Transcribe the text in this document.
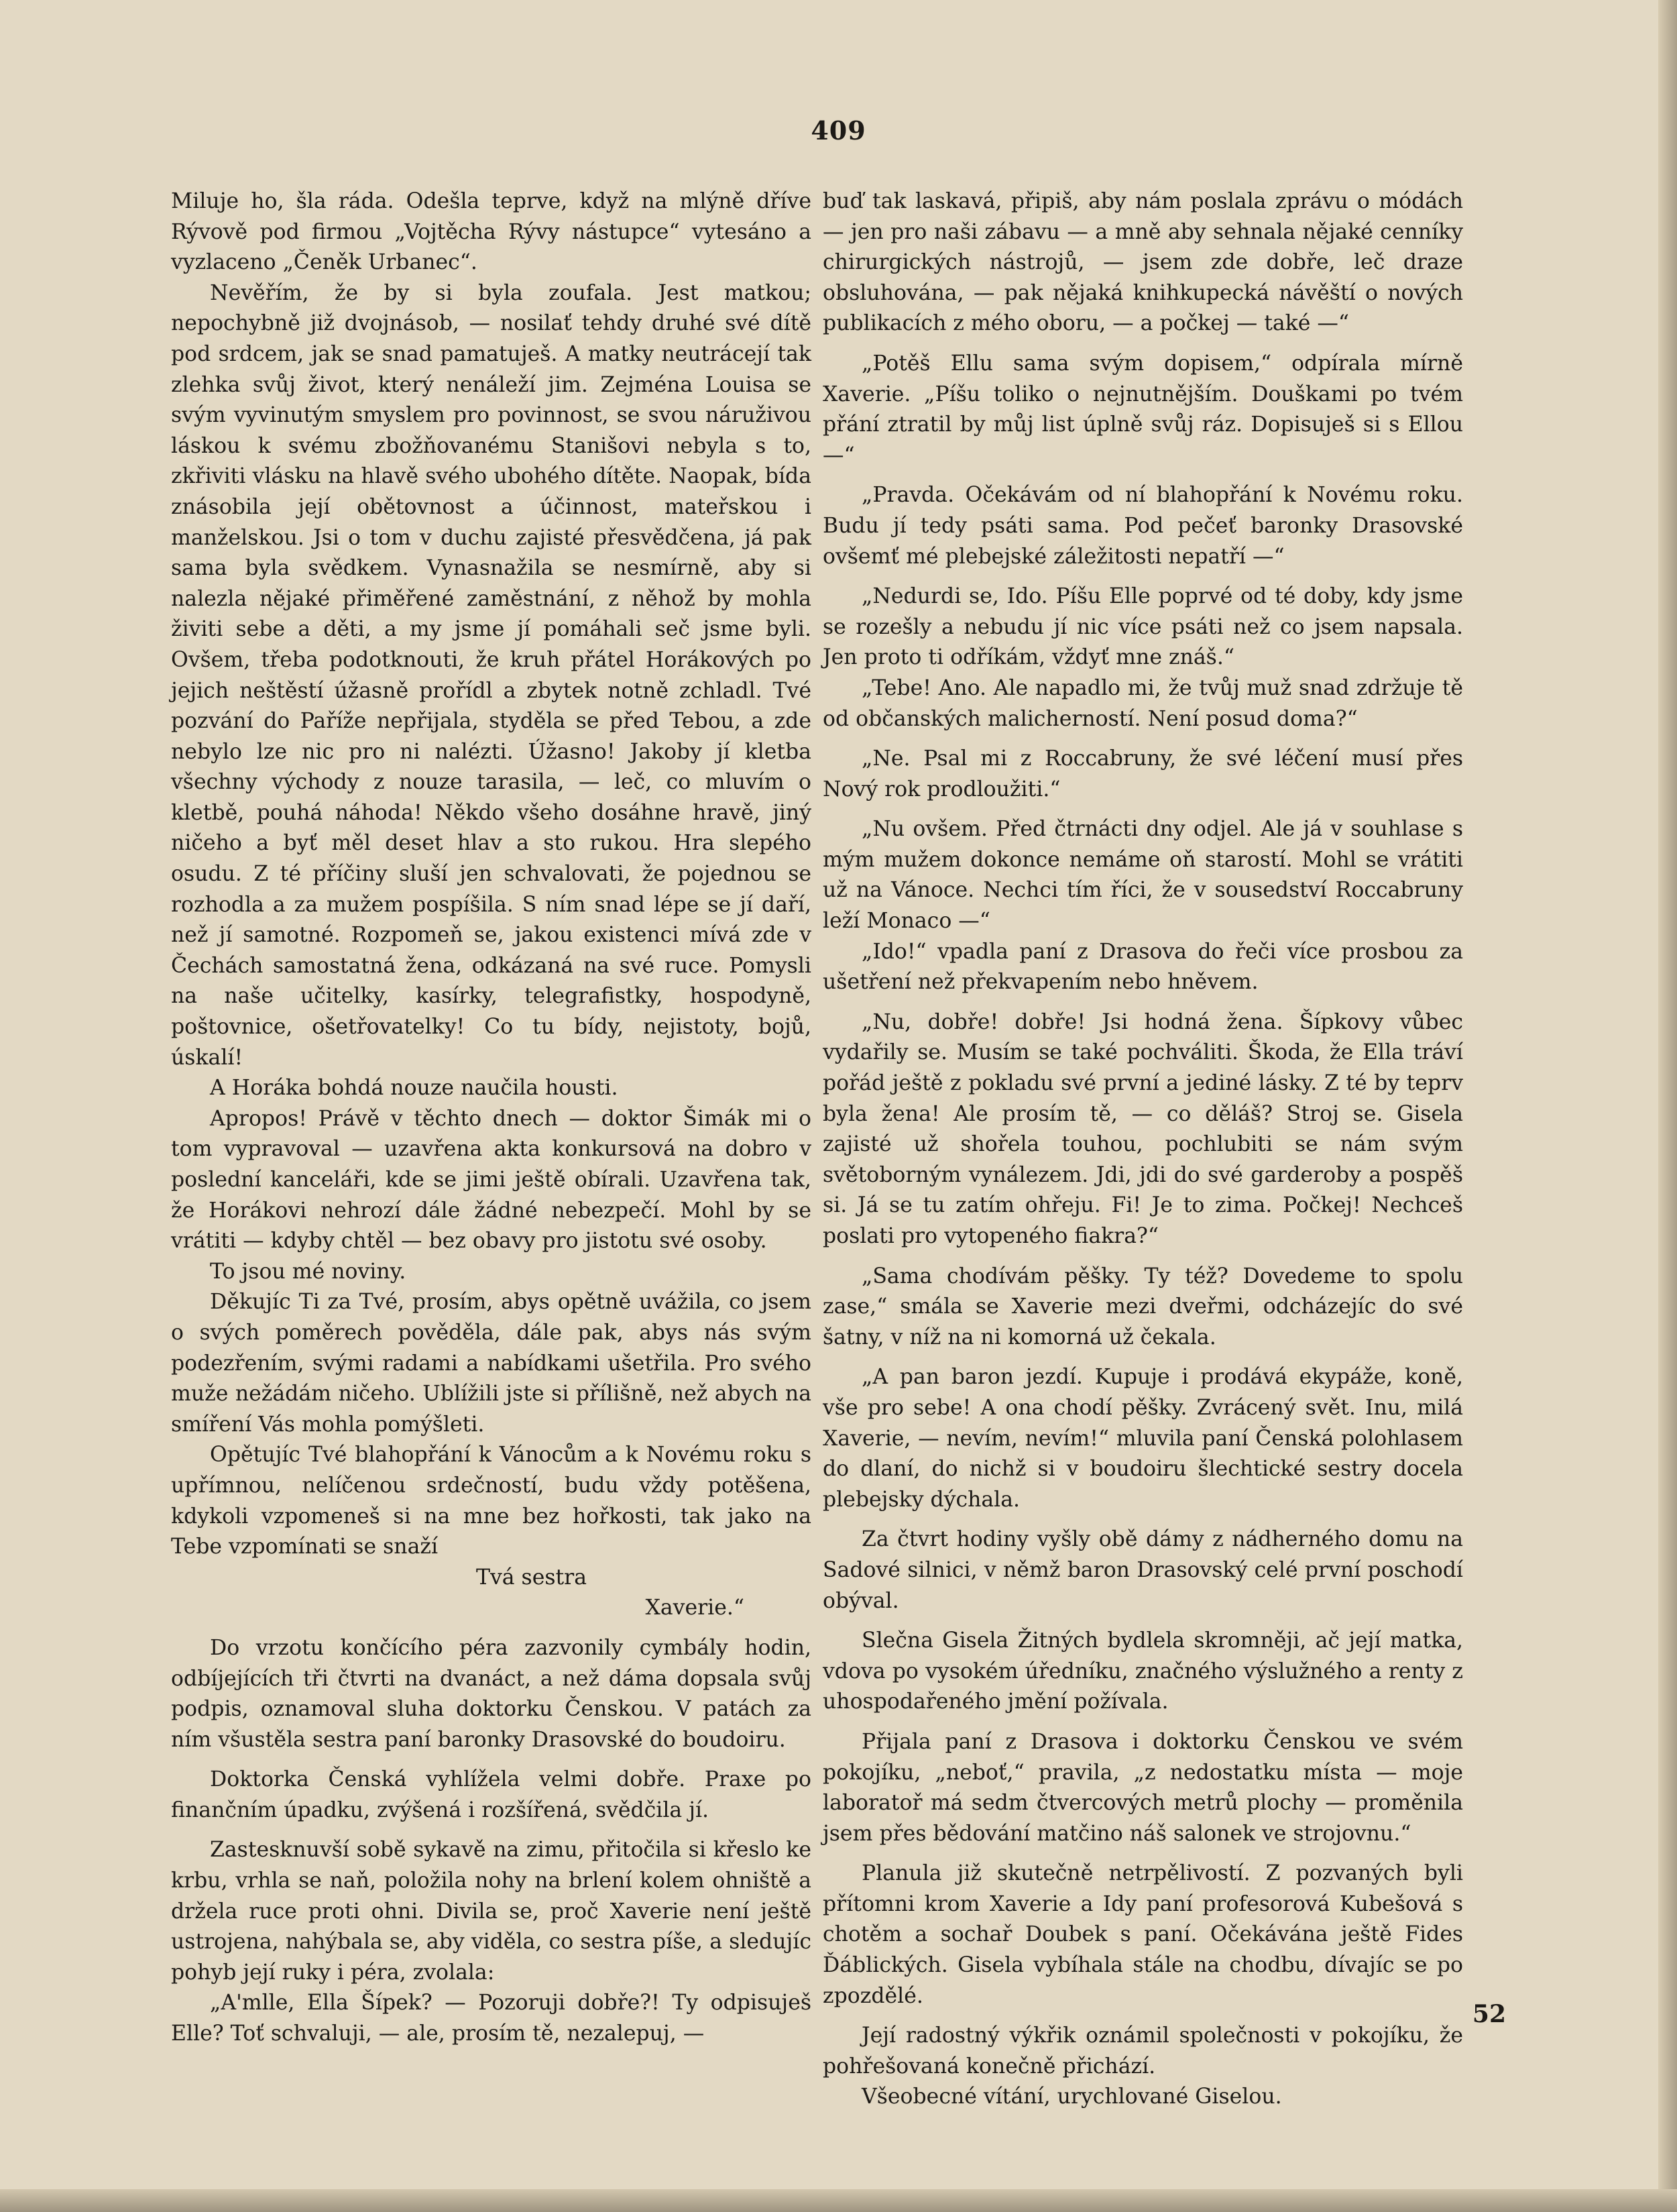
409

Miluje ho, šla ráda. Odešla teprve, když na mlýně dříve Rývově pod firmou „Vojtěcha Rývy nástupce“ vytesáno a vyzlaceno „Čeněk Urbanec“.

Nevěřím, že by si byla zoufala. Jest matkou; nepochybně již dvojnásob, — nosilať tehdy druhé své dítě pod srdcem, jak se snad pamatuješ. A matky neutrácejí tak zlehka svůj život, který nenáleží jim. Zejména Louisa se svým vyvinutým smyslem pro povinnost, se svou náruživou láskou k svému zbožňovanému Stanišovi nebyla s to, zkřiviti vlásku na hlavě svého ubohého dítěte. Naopak, bída znásobila její obětovnost a účinnost, mateřskou i manželskou. Jsi o tom v duchu zajisté přesvědčena, já pak sama byla svědkem. Vynasnažila se nesmírně, aby si nalezla nějaké přiměřené zaměstnání, z něhož by mohla živiti sebe a děti, a my jsme jí pomáhali seč jsme byli. Ovšem, třeba podotknouti, že kruh přátel Horákových po jejich neštěstí úžasně prořídl a zbytek notně zchladl. Tvé pozvání do Paříže nepřijala, styděla se před Tebou, a zde nebylo lze nic pro ni nalézti. Úžasno! Jakoby jí kletba všechny východy z nouze tarasila, — leč, co mluvím o kletbě, pouhá náhoda! Někdo všeho dosáhne hravě, jiný ničeho a byť měl deset hlav a sto rukou. Hra slepého osudu. Z té příčiny sluší jen schvalovati, že pojednou se rozhodla a za mužem pospíšila. S ním snad lépe se jí daří, než jí samotné. Rozpomeň se, jakou existenci mívá zde v Čechách samostatná žena, odkázaná na své ruce. Pomysli na naše učitelky, kasírky, telegrafistky, hospodyně, poštovnice, ošetřovatelky! Co tu bídy, nejistoty, bojů, úskalí!

A Horáka bohdá nouze naučila housti.

Apropos! Právě v těchto dnech — doktor Šimák mi o tom vypravoval — uzavřena akta konkursová na dobro v poslední kanceláři, kde se jimi ještě obírali. Uzavřena tak, že Horákovi nehrozí dále žádné nebezpečí. Mohl by se vrátiti — kdyby chtěl — bez obavy pro jistotu své osoby.

To jsou mé noviny.

Děkujíc Ti za Tvé, prosím, abys opětně uvážila, co jsem o svých poměrech pověděla, dále pak, abys nás svým podezřením, svými radami a nabídkami ušetřila. Pro svého muže nežádám ničeho. Ublížili jste si přílišně, než abych na smíření Vás mohla pomýšleti.

Opětujíc Tvé blahopřání k Vánocům a k Novému roku s upřímnou, nelíčenou srdečností, budu vždy potěšena, kdykoli vzpomeneš si na mne bez hořkosti, tak jako na Tebe vzpomínati se snaží

Tvá sestra

Xaverie.“

Do vrzotu končícího péra zazvonily cymbály hodin, odbíjejících tři čtvrti na dvanáct, a než dáma dopsala svůj podpis, oznamoval sluha doktorku Čenskou. V patách za ním všustěla sestra paní baronky Drasovské do boudoiru.

Doktorka Čenská vyhlížela velmi dobře. Praxe po finančním úpadku, zvýšená i rozšířená, svědčila jí.

Zastesknuvší sobě sykavě na zimu, přitočila si křeslo ke krbu, vrhla se naň, položila nohy na brlení kolem ohniště a držela ruce proti ohni. Divila se, proč Xaverie není ještě ustrojena, nahýbala se, aby viděla, co sestra píše, a sledujíc pohyb její ruky i péra, zvolala:

„A'mlle, Ella Šípek? — Pozoruji dobře?! Ty odpisuješ Elle? Toť schvaluji, — ale, prosím tě, nezalepuj, —

buď tak laskavá, připiš, aby nám poslala zprávu o módách — jen pro naši zábavu — a mně aby sehnala nějaké cenníky chirurgických nástrojů, — jsem zde dobře, leč draze obsluhována, — pak nějaká knihkupecká návěští o nových publikacích z mého oboru, — a počkej — také —“

„Potěš Ellu sama svým dopisem,“ odpírala mírně Xaverie. „Píšu toliko o nejnutnějším. Douškami po tvém přání ztratil by můj list úplně svůj ráz. Dopisuješ si s Ellou —“

„Pravda. Očekávám od ní blahopřání k Novému roku. Budu jí tedy psáti sama. Pod pečeť baronky Drasovské ovšemť mé plebejské záležitosti nepatří —“

„Nedurdi se, Ido. Píšu Elle poprvé od té doby, kdy jsme se rozešly a nebudu jí nic více psáti než co jsem napsala. Jen proto ti odříkám, vždyť mne znáš.“

„Tebe! Ano. Ale napadlo mi, že tvůj muž snad zdržuje tě od občanských malicherností. Není posud doma?“

„Ne. Psal mi z Roccabruny, že své léčení musí přes Nový rok prodloužiti.“

„Nu ovšem. Před čtrnácti dny odjel. Ale já v souhlase s mým mužem dokonce nemáme oň starostí. Mohl se vrátiti už na Vánoce. Nechci tím říci, že v sousedství Roccabruny leží Monaco —“

„Ido!“ vpadla paní z Drasova do řeči více prosbou za ušetření než překvapením nebo hněvem.

„Nu, dobře! dobře! Jsi hodná žena. Šípkovy vůbec vydařily se. Musím se také pochváliti. Škoda, že Ella tráví pořád ještě z pokladu své první a jediné lásky. Z té by teprv byla žena! Ale prosím tě, — co děláš? Stroj se. Gisela zajisté už shořela touhou, pochlubiti se nám svým světoborným vynálezem. Jdi, jdi do své garderoby a pospěš si. Já se tu zatím ohřeju. Fi! Je to zima. Počkej! Nechceš poslati pro vytopeného fiakra?“

„Sama chodívám pěšky. Ty též? Dovedeme to spolu zase,“ smála se Xaverie mezi dveřmi, odcházejíc do své šatny, v níž na ni komorná už čekala.

„A pan baron jezdí. Kupuje i prodává ekypáže, koně, vše pro sebe! A ona chodí pěšky. Zvrácený svět. Inu, milá Xaverie, — nevím, nevím!“ mluvila paní Čenská polohlasem do dlaní, do nichž si v boudoiru šlechtické sestry docela plebejsky dýchala.

Za čtvrt hodiny vyšly obě dámy z nádherného domu na Sadové silnici, v němž baron Drasovský celé první poschodí obýval.

Slečna Gisela Žitných bydlela skromněji, ač její matka, vdova po vysokém úředníku, značného výslužného a renty z uhospodařeného jmění požívala.

Přijala paní z Drasova i doktorku Čenskou ve svém pokojíku, „neboť,“ pravila, „z nedostatku místa — moje laboratoř má sedm čtvercových metrů plochy — proměnila jsem přes bědování matčino náš salonek ve strojovnu.“

Planula již skutečně netrpělivostí. Z pozvaných byli přítomni krom Xaverie a Idy paní profesorová Kubešová s chotěm a sochař Doubek s paní. Očekávána ještě Fides Ďáblických. Gisela vybíhala stále na chodbu, dívajíc se po zpozdělé.

Její radostný výkřik oznámil společnosti v pokojíku, že pohřešovaná konečně přichází.

Všeobecné vítání, urychlované Giselou.

52
